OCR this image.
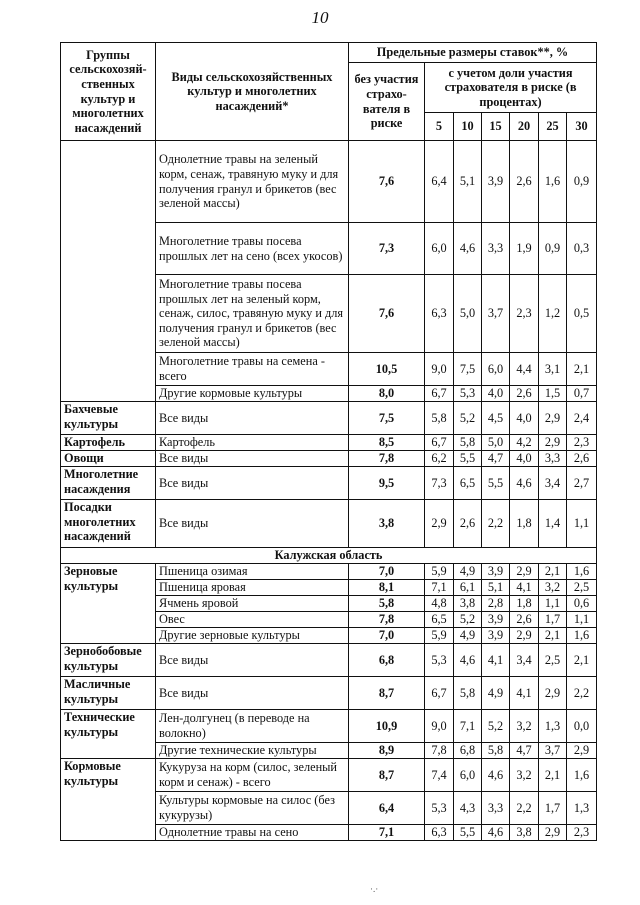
10
Группы сельскохозяй-ственных культур и многолетних насаждений	Виды сельскохозяйственных культур и многолетних насаждений*	Предельные размеры ставок**, %						
		без участия страхо-вателя в риске	с учетом доли участия страхователя в риске (в процентах)					
			5	10	15	20	25	30
	Однолетние травы на зеленый корм, сенаж, травяную муку и для получения гранул и брикетов (вес зеленой массы)	7,6	6,4	5,1	3,9	2,6	1,6	0,9
	Многолетние травы посева прошлых лет на сено (всех укосов)	7,3	6,0	4,6	3,3	1,9	0,9	0,3
	Многолетние травы посева прошлых лет на зеленый корм, сенаж, силос, травяную муку и для получения гранул и брикетов (вес зеленой массы)	7,6	6,3	5,0	3,7	2,3	1,2	0,5
	Многолетние травы на семена - всего	10,5	9,0	7,5	6,0	4,4	3,1	2,1
	Другие кормовые культуры	8,0	6,7	5,3	4,0	2,6	1,5	0,7
Бахчевые культуры	Все виды	7,5	5,8	5,2	4,5	4,0	2,9	2,4
Картофель	Картофель	8,5	6,7	5,8	5,0	4,2	2,9	2,3
Овощи	Все виды	7,8	6,2	5,5	4,7	4,0	3,3	2,6
Многолетние насаждения	Все виды	9,5	7,3	6,5	5,5	4,6	3,4	2,7
Посадки многолетних насаждений	Все виды	3,8	2,9	2,6	2,2	1,8	1,4	1,1
Калужская область								
Зерновые культуры	Пшеница озимая	7,0	5,9	4,9	3,9	2,9	2,1	1,6
	Пшеница яровая	8,1	7,1	6,1	5,1	4,1	3,2	2,5
	Ячмень яровой	5,8	4,8	3,8	2,8	1,8	1,1	0,6
	Овес	7,8	6,5	5,2	3,9	2,6	1,7	1,1
	Другие зерновые культуры	7,0	5,9	4,9	3,9	2,9	2,1	1,6
Зернобобовые культуры	Все виды	6,8	5,3	4,6	4,1	3,4	2,5	2,1
Масличные культуры	Все виды	8,7	6,7	5,8	4,9	4,1	2,9	2,2
Технические культуры	Лен-долгунец (в переводе на волокно)	10,9	9,0	7,1	5,2	3,2	1,3	0,0
	Другие технические культуры	8,9	7,8	6,8	5,8	4,7	3,7	2,9
Кормовые культуры	Кукуруза на корм (силос, зеленый корм и сенаж) - всего	8,7	7,4	6,0	4,6	3,2	2,1	1,6
	Культуры кормовые на силос (без кукурузы)	6,4	5,3	4,3	3,3	2,2	1,7	1,3
	Однолетние травы на сено	7,1	6,3	5,5	4,6	3,8	2,9	2,3
·.·
